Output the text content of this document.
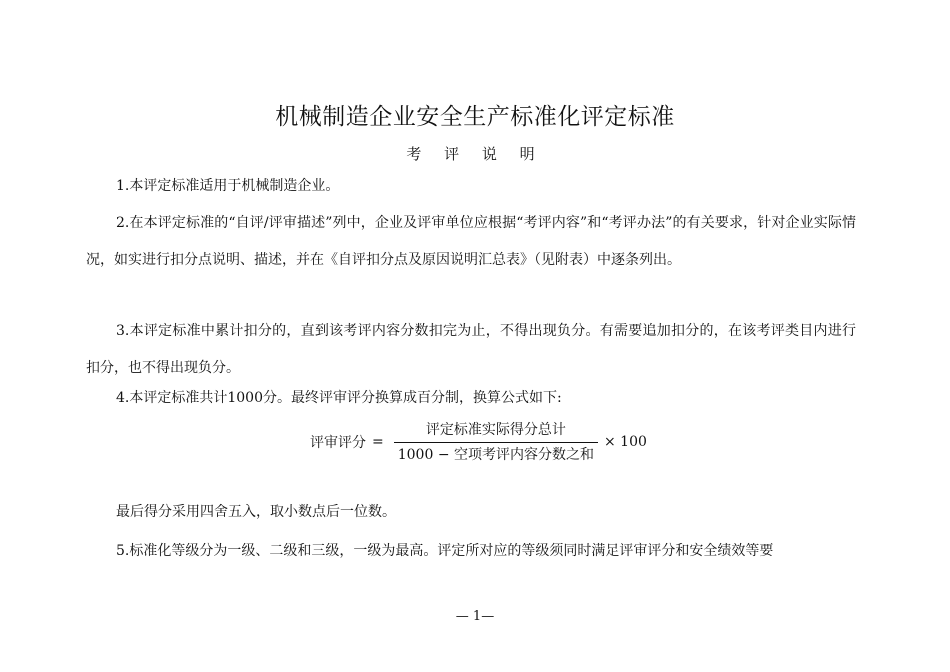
机械制造企业安全生产标准化评定标准
考 评 说 明

1.本评定标准适用于机械制造企业。

2.在本评定标准的“自评/评审描述”列中，企业及评审单位应根据“考评内容”和“考评办法”的有关要求，针对企业实际情况，如实进行扣分点说明、描述，并在《自评扣分点及原因说明汇总表》（见附表）中逐条列出。

3.本评定标准中累计扣分的，直到该考评内容分数扣完为止，不得出现负分。有需要追加扣分的，在该考评类目内进行扣分，也不得出现负分。

4.本评定标准共计1000分。最终评审评分换算成百分制，换算公式如下:

评审评分 = $\frac{\text{评定标准实际得分总计}}{\text{1000 − 空项考评内容分数之和}} \times 100$

最后得分采用四舍五入，取小数点后一位数。

5.标准化等级分为一级、二级和三级，一级为最高。评定所对应的等级须同时满足评审评分和安全绩效等要

— 1—
